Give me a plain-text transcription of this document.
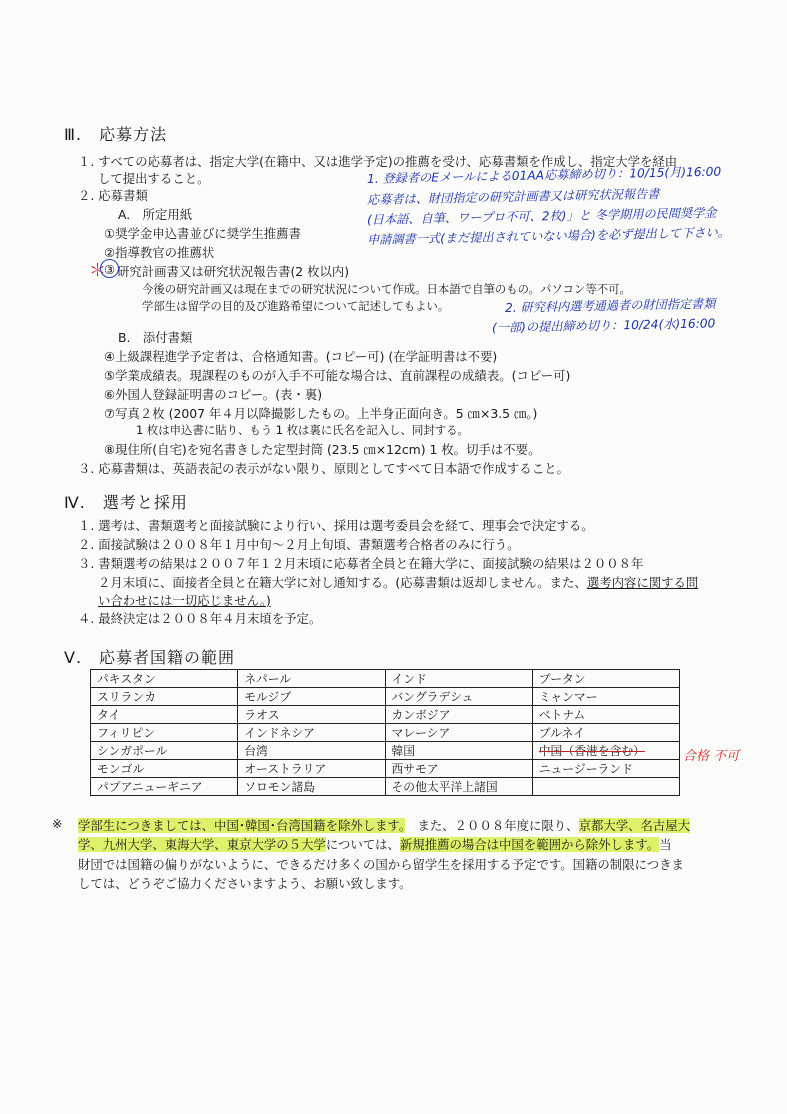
Ⅲ.　応募方法
１. すべての応募者は、指定大学(在籍中、又は進学予定)の推薦を受け、応募書類を作成し、指定大学を経由
して提出すること。
２. 応募書類
A.　所定用紙
①奨学金申込書並びに奨学生推薦書
②指導教官の推薦状
③ 研究計画書又は研究状況報告書(2 枚以内)
今後の研究計画又は現在までの研究状況について作成。日本語で自筆のもの。パソコン等不可。
学部生は留学の目的及び進路希望について記述してもよい。
B.　添付書類
④上級課程進学予定者は、合格通知書。(コピー可) (在学証明書は不要)
⑤学業成績表。現課程のものが入手不可能な場合は、直前課程の成績表。(コピー可)
⑥外国人登録証明書のコピー。(表・裏)
⑦写真２枚 (2007 年４月以降撮影したもの。上半身正面向き。5 ㎝×3.5 ㎝。)
1 枚は申込書に貼り、もう 1 枚は裏に氏名を記入し、同封する。
⑧現住所(自宅)を宛名書きした定型封筒 (23.5 ㎝×12cm) 1 枚。切手は不要。
３. 応募書類は、英語表記の表示がない限り、原則としてすべて日本語で作成すること。
1. 登録者のEメールによる01AA応募締め切り：10/15(月)16:00
応募者は、財団指定の研究計画書又は研究状況報告書
(日本語、自筆、ワープロ不可、2枚)」と 冬学期用の民間奨学金
申請調書一式(まだ提出されていない場合)を必ず提出して下さい。
2. 研究科内選考通過者の財団指定書類
(一部)の提出締め切り：10/24(水)16:00
＊
Ⅳ.　選考と採用
１. 選考は、書類選考と面接試験により行い、採用は選考委員会を経て、理事会で決定する。
２. 面接試験は２００８年１月中旬～２月上旬頃、書類選考合格者のみに行う。
３. 書類選考の結果は２００７年１２月末頃に応募者全員と在籍大学に、面接試験の結果は２００８年
２月末頃に、面接者全員と在籍大学に対し通知する。(応募書類は返却しません。また、選考内容に関する問
い合わせには一切応じません。)
４. 最終決定は２００８年４月末頃を予定。
Ⅴ.　応募者国籍の範囲
パキスタン	ネパール	インド	ブータン
スリランカ	モルジブ	バングラデシュ	ミャンマー
タイ	ラオス	カンボジア	ベトナム
フィリピン	インドネシア	マレーシア	ブルネイ
シンガポール	台湾	韓国	中国（香港を含む）
モンゴル	オーストラリア	西サモア	ニュージーランド
パプアニューギニア	ソロモン諸島	その他太平洋上諸国	
合格 不可
※ 学部生につきましては、中国･韓国･台湾国籍を除外します。　また、２００８年度に限り、京都大学、名古屋大
学、九州大学、東海大学、東京大学の５大学については、新規推薦の場合は中国を範囲から除外します。当
財団では国籍の偏りがないように、できるだけ多くの国から留学生を採用する予定です。国籍の制限につきま
しては、どうぞご協力くださいますよう、お願い致します。
